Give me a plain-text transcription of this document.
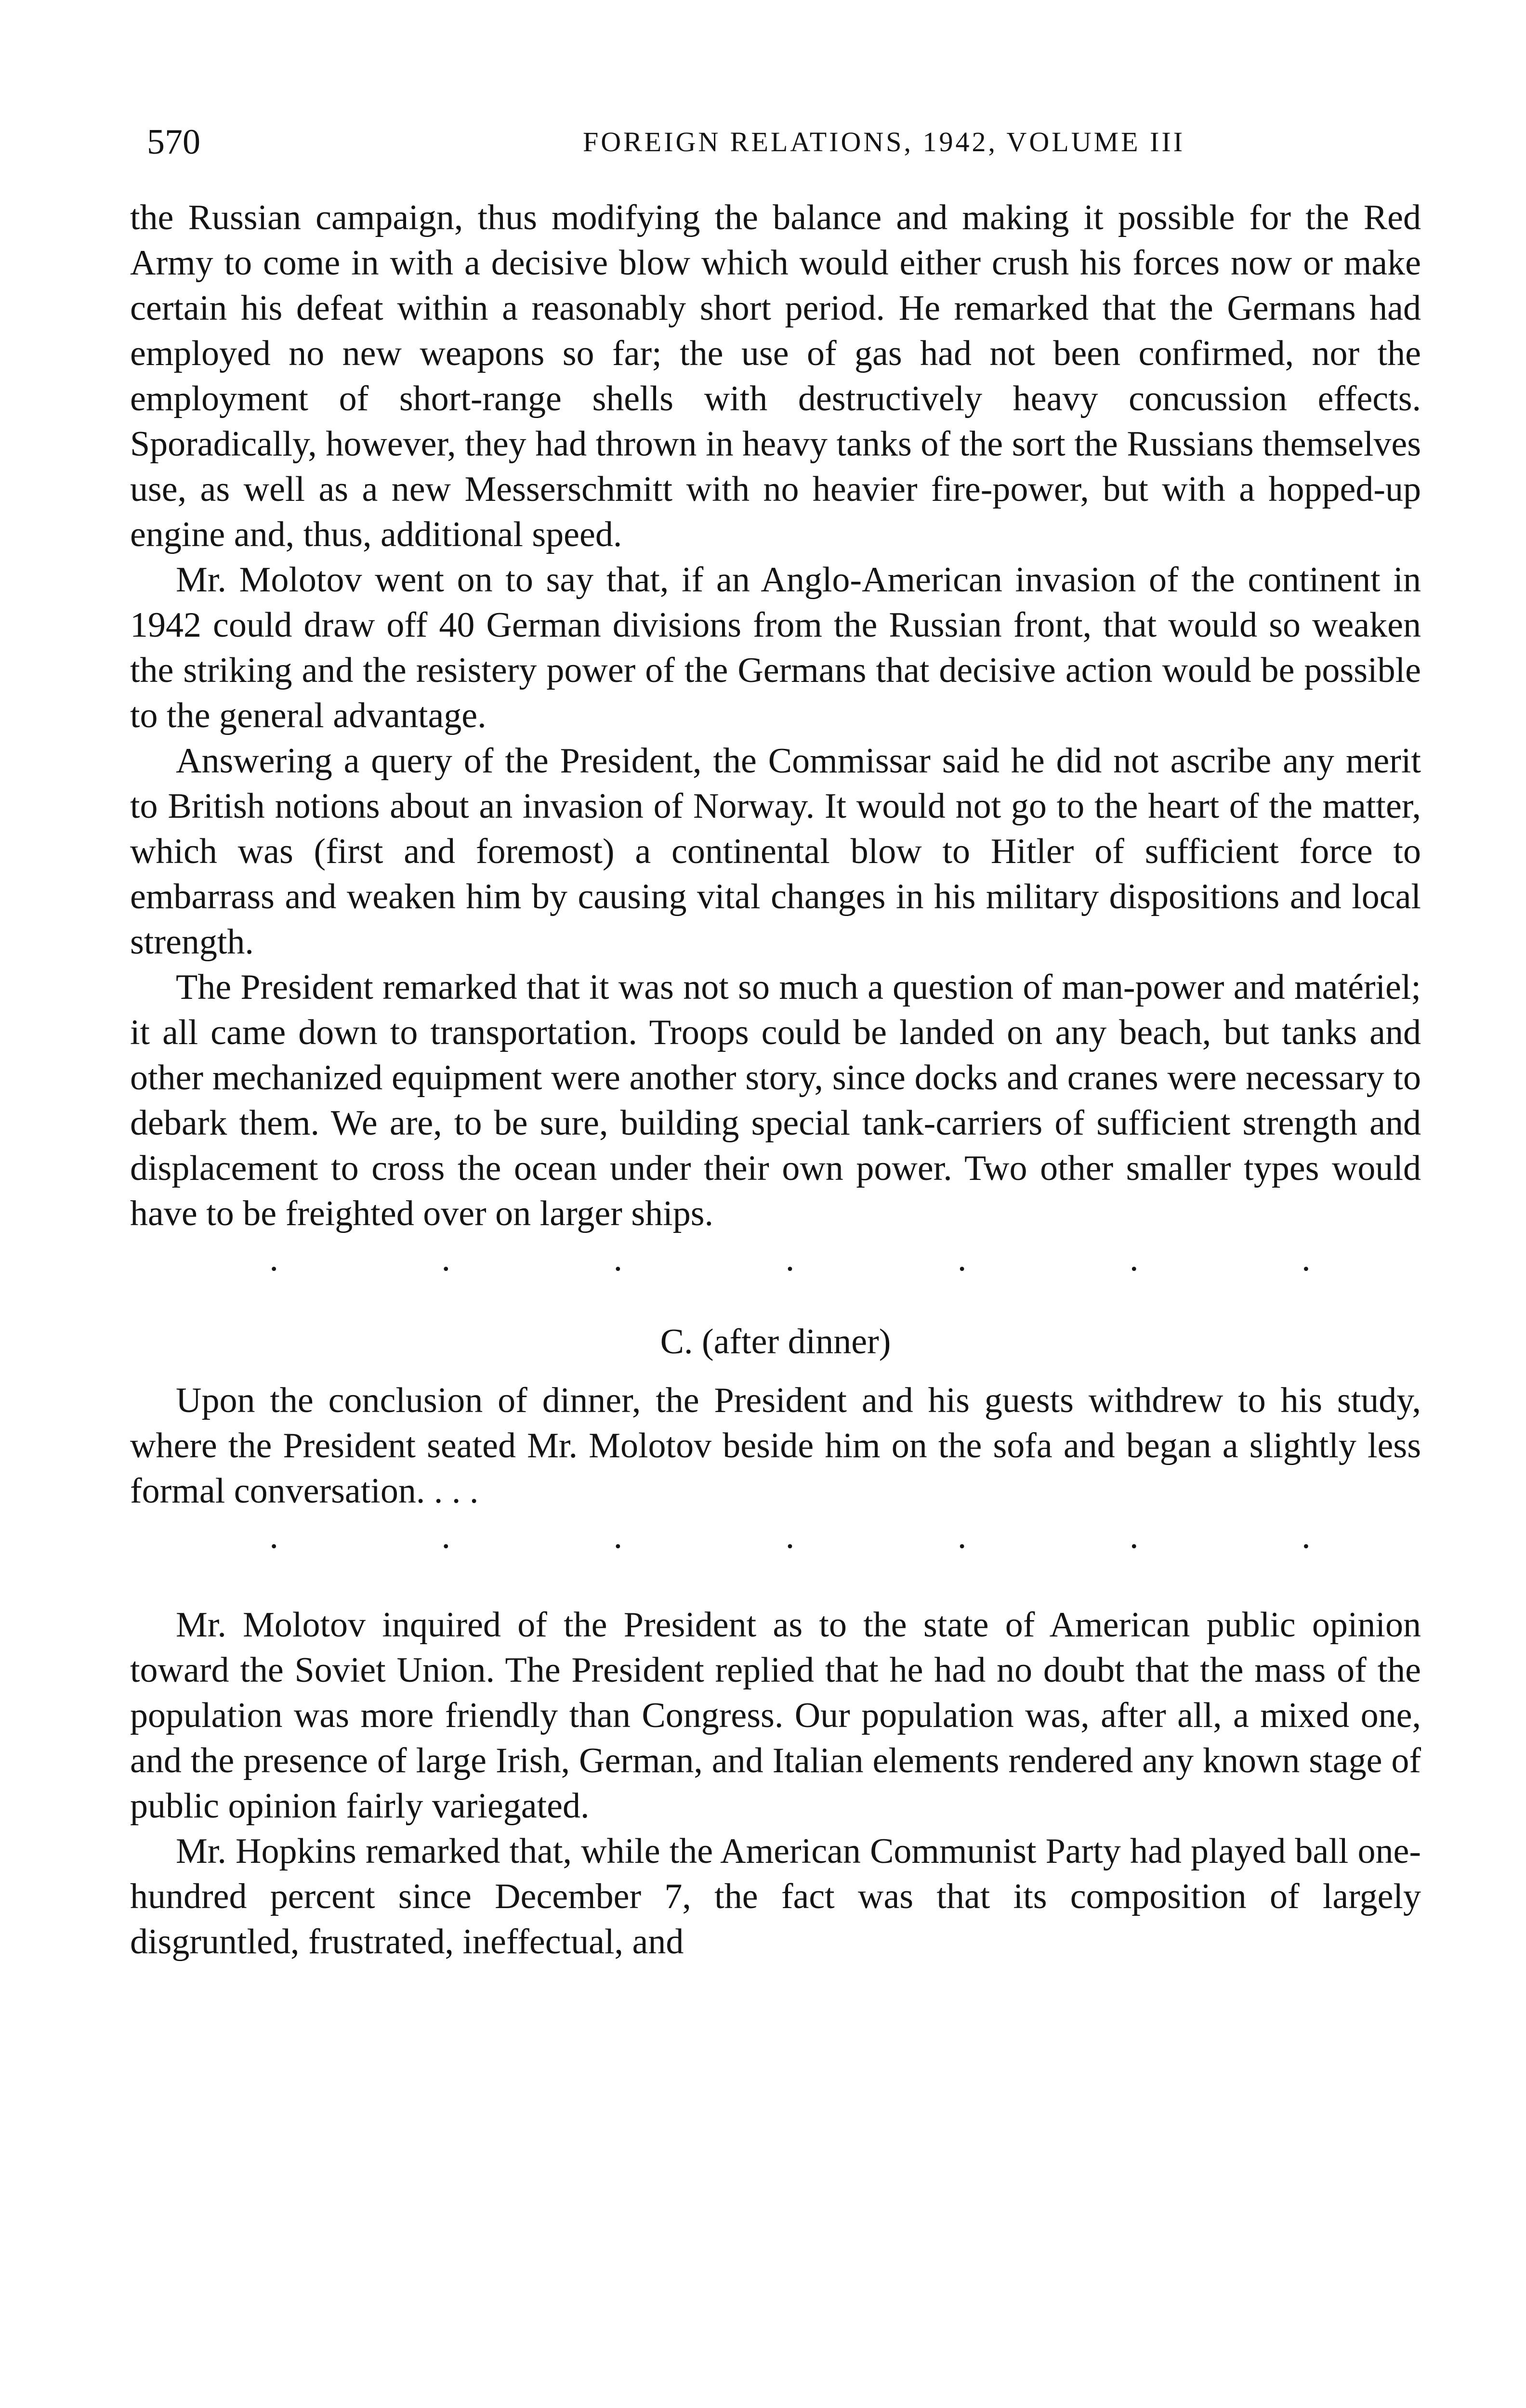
570	FOREIGN RELATIONS, 1942, VOLUME III

the Russian campaign, thus modifying the balance and making it possible for the Red Army to come in with a decisive blow which would either crush his forces now or make certain his defeat within a reasonably short period. He remarked that the Germans had employed no new weapons so far; the use of gas had not been confirmed, nor the employment of short-range shells with destructively heavy concussion effects. Sporadically, however, they had thrown in heavy tanks of the sort the Russians themselves use, as well as a new Messerschmitt with no heavier fire-power, but with a hopped-up engine and, thus, additional speed.

Mr. Molotov went on to say that, if an Anglo-American invasion of the continent in 1942 could draw off 40 German divisions from the Russian front, that would so weaken the striking and the resistery power of the Germans that decisive action would be possible to the general advantage.

Answering a query of the President, the Commissar said he did not ascribe any merit to British notions about an invasion of Norway. It would not go to the heart of the matter, which was (first and foremost) a continental blow to Hitler of sufficient force to embarrass and weaken him by causing vital changes in his military dispositions and local strength.

The President remarked that it was not so much a question of man-power and matériel; it all came down to transportation. Troops could be landed on any beach, but tanks and other mechanized equipment were another story, since docks and cranes were necessary to debark them. We are, to be sure, building special tank-carriers of sufficient strength and displacement to cross the ocean under their own power. Two other smaller types would have to be freighted over on larger ships.

.	.	.	.	.	.	.
C. (after dinner)

Upon the conclusion of dinner, the President and his guests withdrew to his study, where the President seated Mr. Molotov beside him on the sofa and began a slightly less formal conversation. . . .

.	.	.	.	.	.	.

Mr. Molotov inquired of the President as to the state of American public opinion toward the Soviet Union. The President replied that he had no doubt that the mass of the population was more friendly than Congress. Our population was, after all, a mixed one, and the presence of large Irish, German, and Italian elements rendered any known stage of public opinion fairly variegated.

Mr. Hopkins remarked that, while the American Communist Party had played ball one-hundred percent since December 7, the fact was that its composition of largely disgruntled, frustrated, ineffectual, and
